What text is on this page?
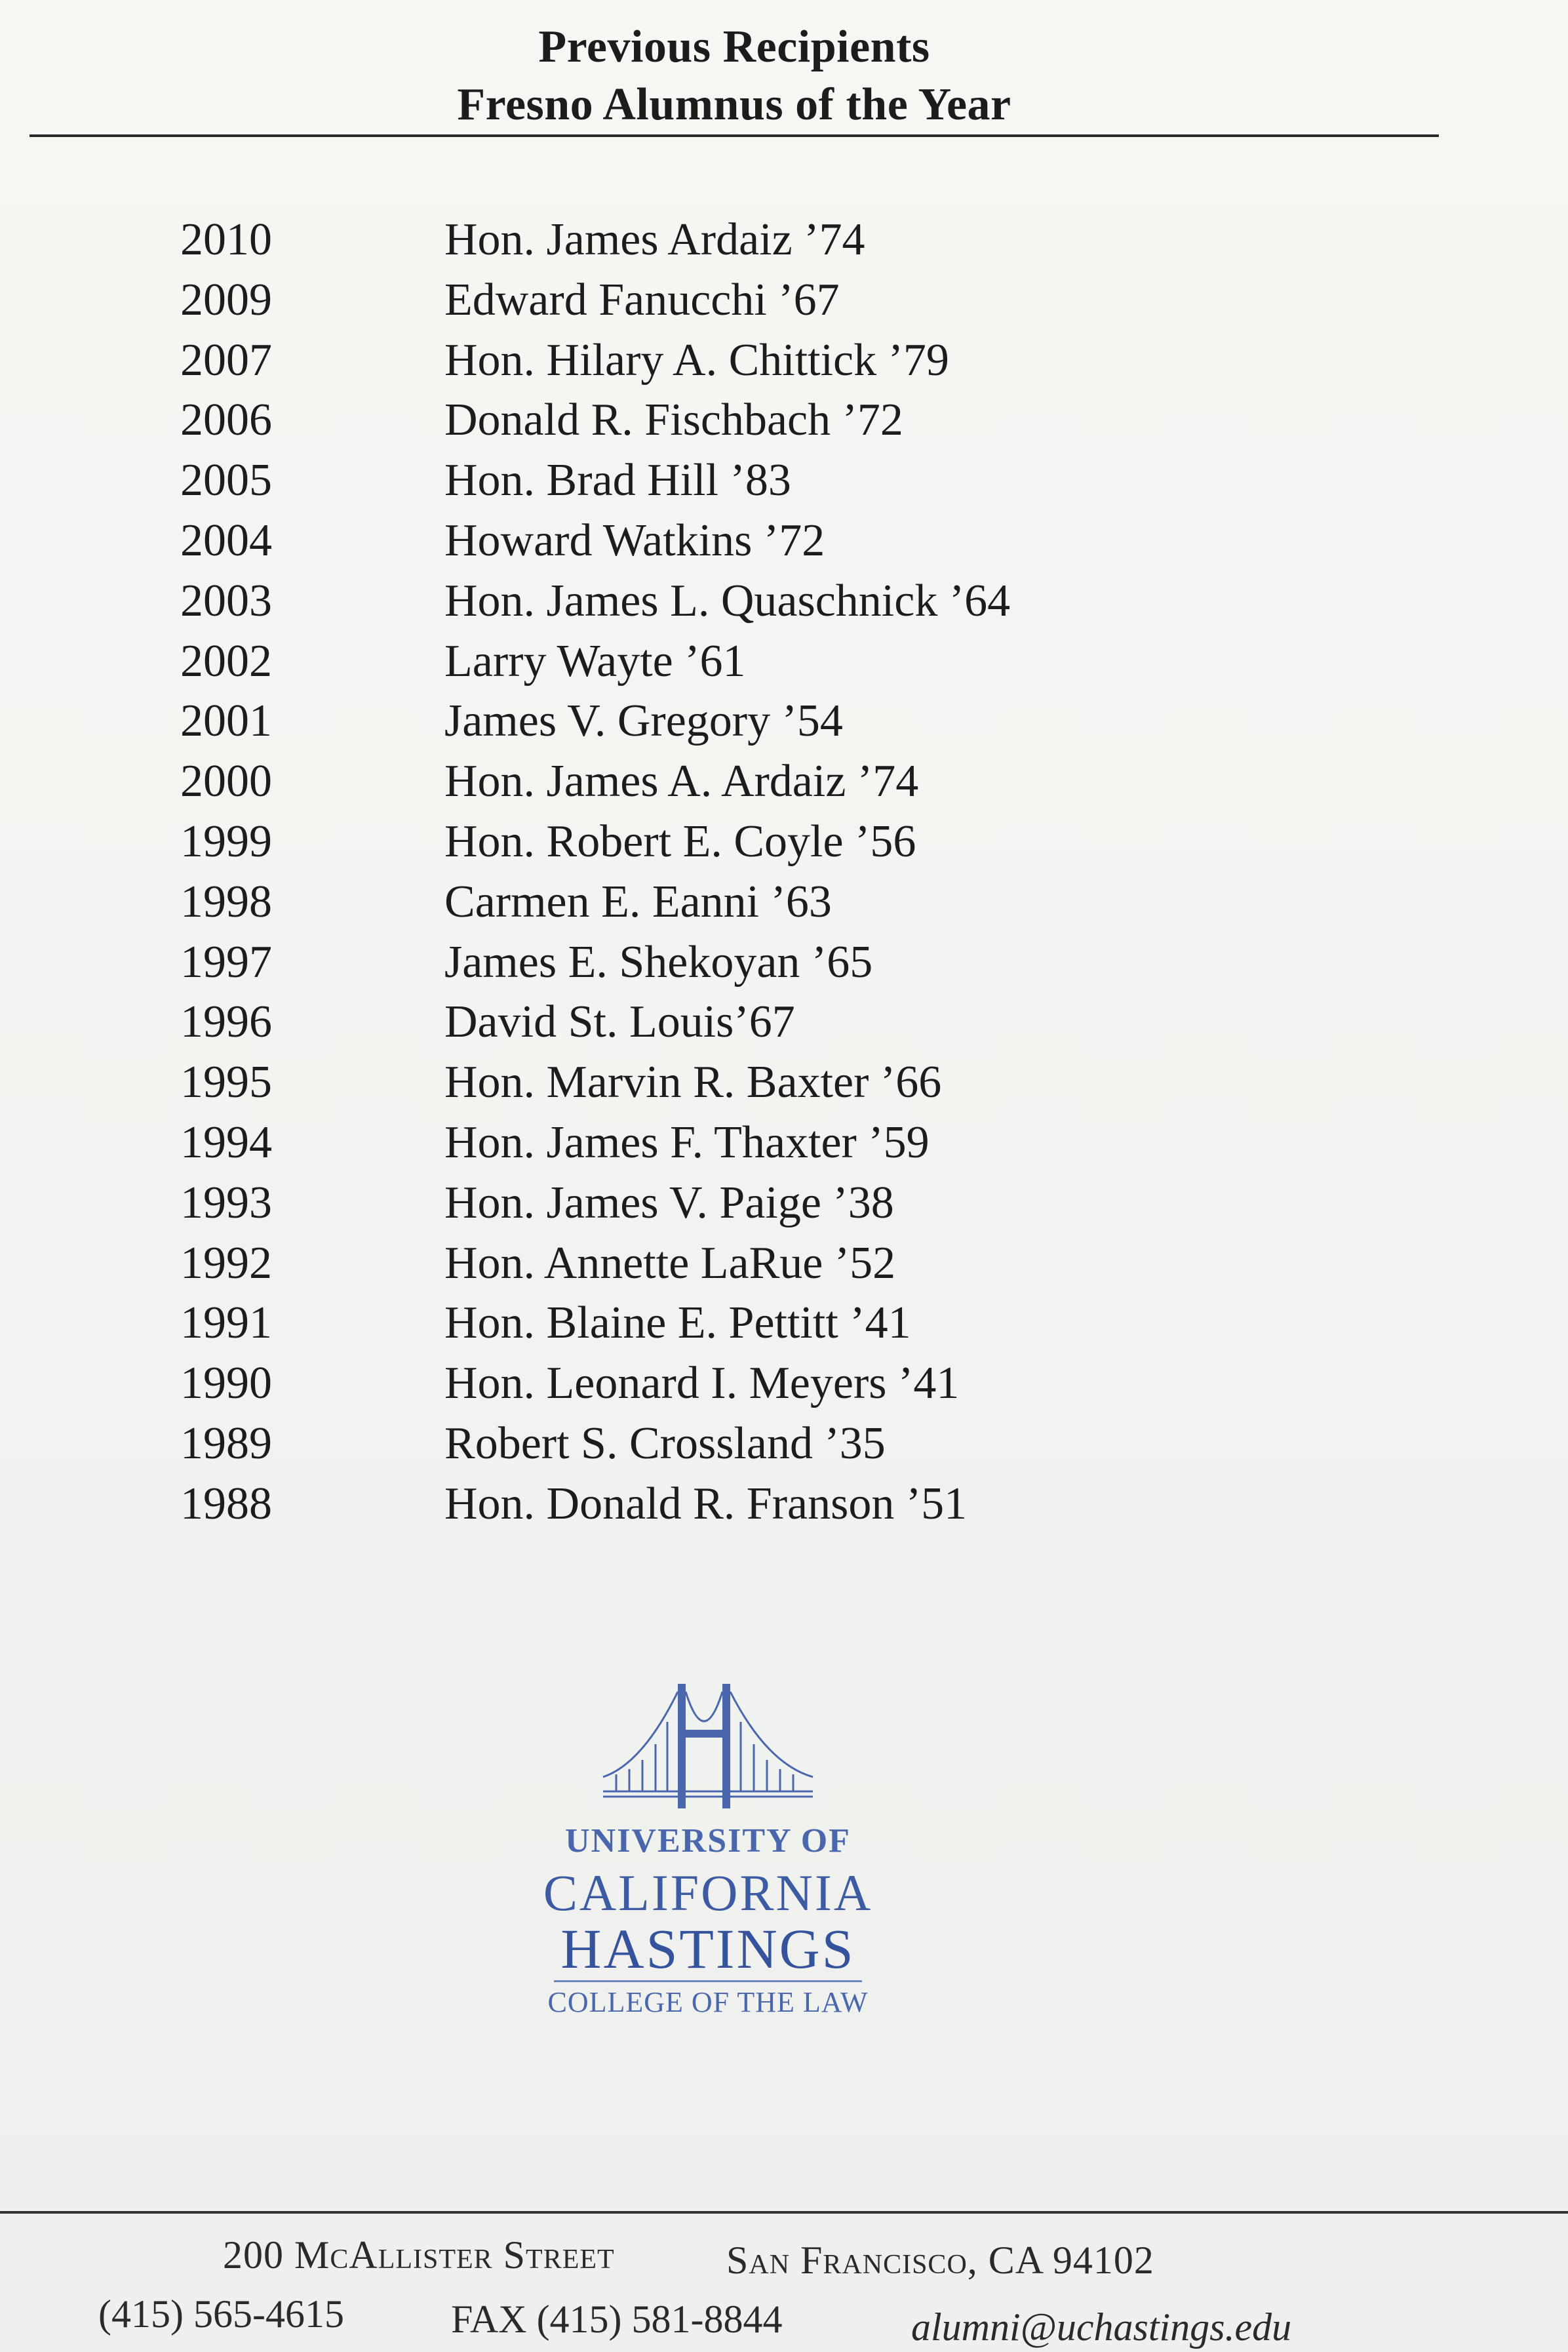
Previous Recipients
Fresno Alumnus of the Year
2010	Hon. James Ardaiz ’74
2009	Edward Fanucchi ’67
2007	Hon. Hilary A. Chittick ’79
2006	Donald R. Fischbach ’72
2005	Hon. Brad Hill ’83
2004	Howard Watkins ’72
2003	Hon. James L. Quaschnick ’64
2002	Larry Wayte ’61
2001	James V. Gregory ’54
2000	Hon. James A. Ardaiz ’74
1999	Hon. Robert E. Coyle ’56
1998	Carmen E. Eanni ’63
1997	James E. Shekoyan ’65
1996	David St. Louis’67
1995	Hon. Marvin R. Baxter ’66
1994	Hon. James F. Thaxter ’59
1993	Hon. James V. Paige ’38
1992	Hon. Annette LaRue ’52
1991	Hon. Blaine E. Pettitt ’41
1990	Hon. Leonard I. Meyers ’41
1989	Robert S. Crossland ’35
1988	Hon. Donald R. Franson ’51
UNIVERSITY OF
CALIFORNIA
HASTINGS
COLLEGE OF THE LAW
200 McAllister Street	San Francisco, CA 94102
(415) 565-4615	FAX (415) 581-8844	alumni@uchastings.edu
